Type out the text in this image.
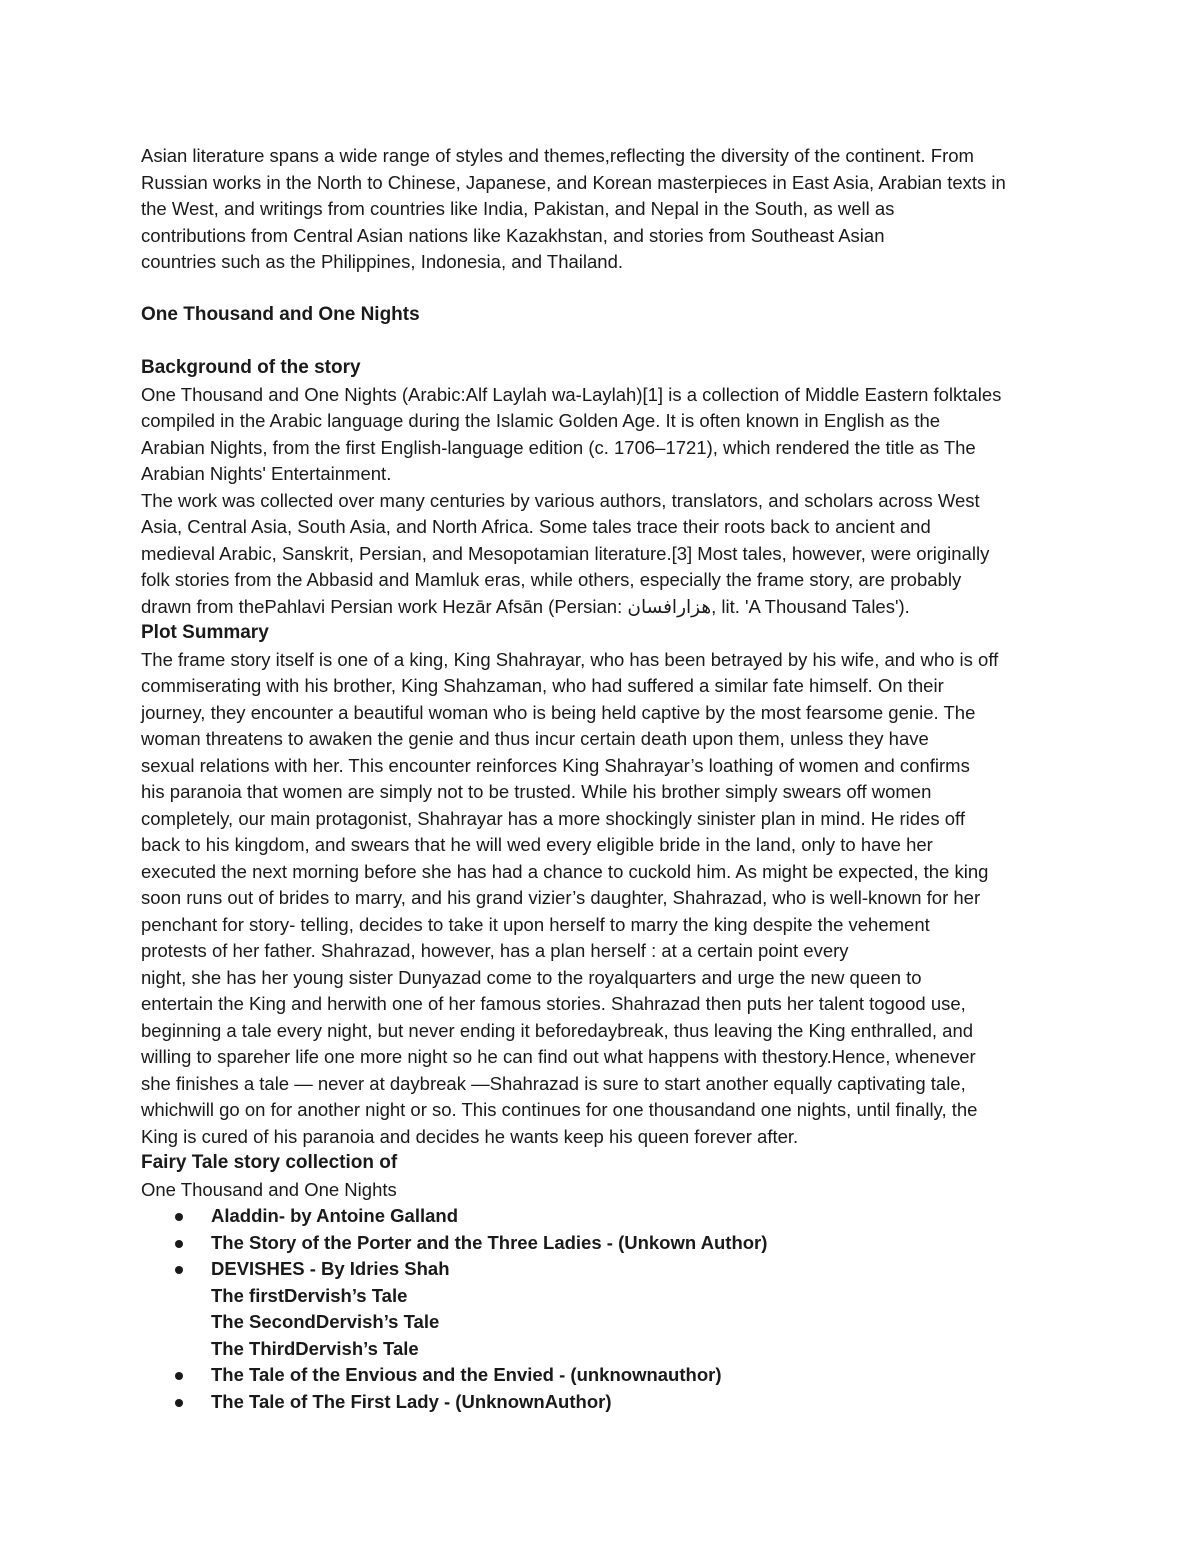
Asian literature spans a wide range of styles and themes,reflecting the diversity of the continent. From
Russian works in the North to Chinese, Japanese, and Korean masterpieces in East Asia, Arabian texts in
the West, and writings from countries like India, Pakistan, and Nepal in the South, as well as
contributions from Central Asian nations like Kazakhstan, and stories from Southeast Asian
countries such as the Philippines, Indonesia, and Thailand.
One Thousand and One Nights
Background of the story
One Thousand and One Nights (Arabic:Alf Laylah wa-Laylah)[1] is a collection of Middle Eastern folktales
compiled in the Arabic language during the Islamic Golden Age. It is often known in English as the
Arabian Nights, from the first English-language edition (c. 1706–1721), which rendered the title as The
Arabian Nights' Entertainment.
The work was collected over many centuries by various authors, translators, and scholars across West
Asia, Central Asia, South Asia, and North Africa. Some tales trace their roots back to ancient and
medieval Arabic, Sanskrit, Persian, and Mesopotamian literature.[3] Most tales, however, were originally
folk stories from the Abbasid and Mamluk eras, while others, especially the frame story, are probably
drawn from thePahlavi Persian work Hezār Afsān (Persian: هزارافسان, lit. 'A Thousand Tales').
Plot Summary
The frame story itself is one of a king, King Shahrayar, who has been betrayed by his wife, and who is off
commiserating with his brother, King Shahzaman, who had suffered a similar fate himself. On their
journey, they encounter a beautiful woman who is being held captive by the most fearsome genie. The
woman threatens to awaken the genie and thus incur certain death upon them, unless they have
sexual relations with her. This encounter reinforces King Shahrayar’s loathing of women and confirms
his paranoia that women are simply not to be trusted. While his brother simply swears off women
completely, our main protagonist, Shahrayar has a more shockingly sinister plan in mind. He rides off
back to his kingdom, and swears that he will wed every eligible bride in the land, only to have her
executed the next morning before she has had a chance to cuckold him. As might be expected, the king
soon runs out of brides to marry, and his grand vizier’s daughter, Shahrazad, who is well-known for her
penchant for story- telling, decides to take it upon herself to marry the king despite the vehement
protests of her father. Shahrazad, however, has a plan herself : at a certain point every
night, she has her young sister Dunyazad come to the royalquarters and urge the new queen to
entertain the King and herwith one of her famous stories. Shahrazad then puts her talent togood use,
beginning a tale every night, but never ending it beforedaybreak, thus leaving the King enthralled, and
willing to spareher life one more night so he can find out what happens with thestory.Hence, whenever
she finishes a tale — never at daybreak —Shahrazad is sure to start another equally captivating tale,
whichwill go on for another night or so. This continues for one thousandand one nights, until finally, the
King is cured of his paranoia and decides he wants keep his queen forever after.
Fairy Tale story collection of
One Thousand and One Nights
Aladdin- by Antoine Galland
The Story of the Porter and the Three Ladies - (Unkown Author)
DEVISHES - By Idries Shah
The firstDervish’s Tale
The SecondDervish’s Tale
The ThirdDervish’s Tale
The Tale of the Envious and the Envied - (unknownauthor)
The Tale of The First Lady - (UnknownAuthor)
